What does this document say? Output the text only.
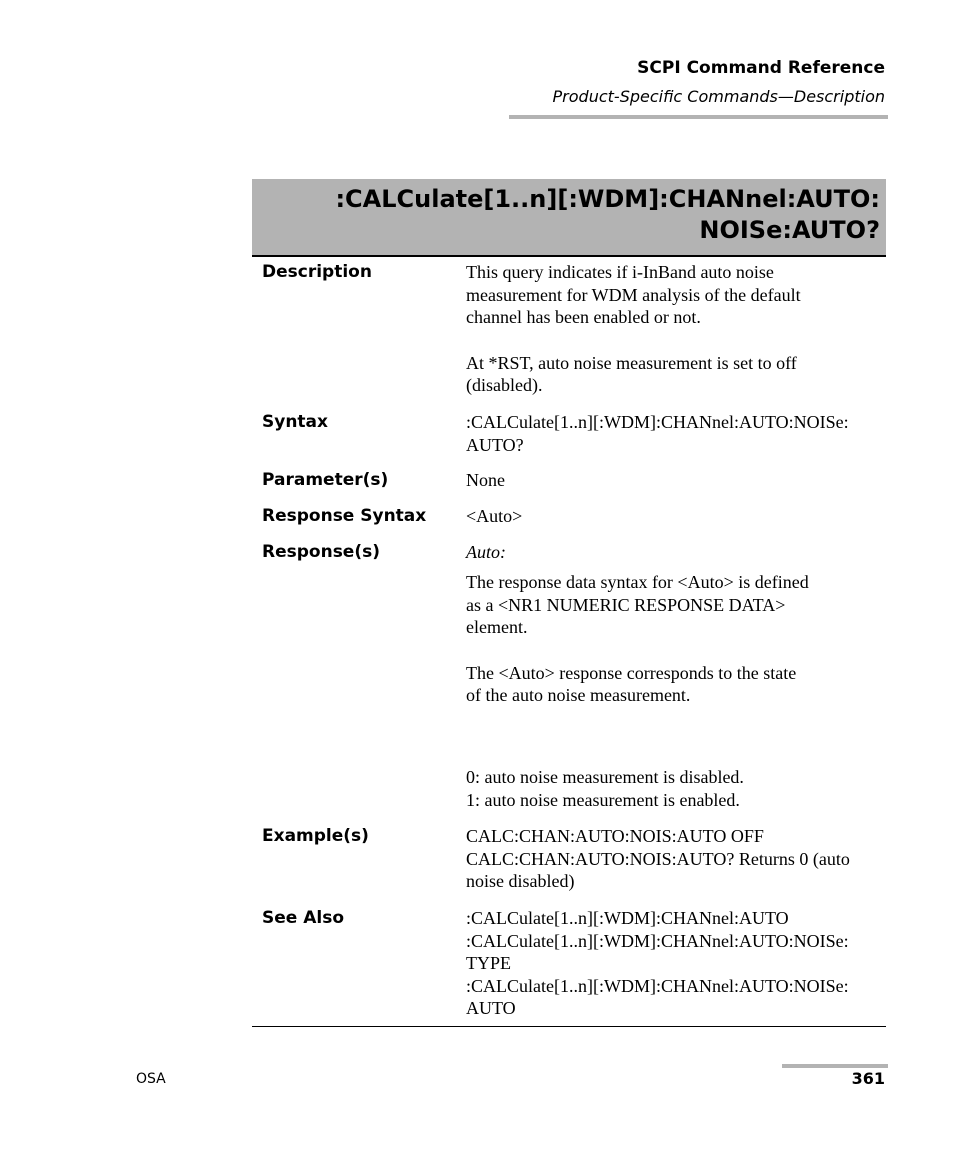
SCPI Command Reference
Product-Specific Commands—Description
:CALCulate[1..n][:WDM]:CHANnel:AUTO:
NOISe:AUTO?
Description	This query indicates if i-InBand auto noise
measurement for WDM analysis of the default
channel has been enabled or not.
At *RST, auto noise measurement is set to off
(disabled).
Syntax	:CALCulate[1..n][:WDM]:CHANnel:AUTO:NOISe:
AUTO?
Parameter(s)	None
Response Syntax <Auto>
Response(s)	Auto:
The response data syntax for <Auto> is defined
as a <NR1 NUMERIC RESPONSE DATA>
element.
The <Auto> response corresponds to the state
of the auto noise measurement.
0: auto noise measurement is disabled.
1: auto noise measurement is enabled.
Example(s)	CALC:CHAN:AUTO:NOIS:AUTO OFF
CALC:CHAN:AUTO:NOIS:AUTO? Returns 0 (auto
noise disabled)
See Also	:CALCulate[1..n][:WDM]:CHANnel:AUTO
:CALCulate[1..n][:WDM]:CHANnel:AUTO:NOISe:
TYPE
:CALCulate[1..n][:WDM]:CHANnel:AUTO:NOISe:
AUTO
OSA	361
